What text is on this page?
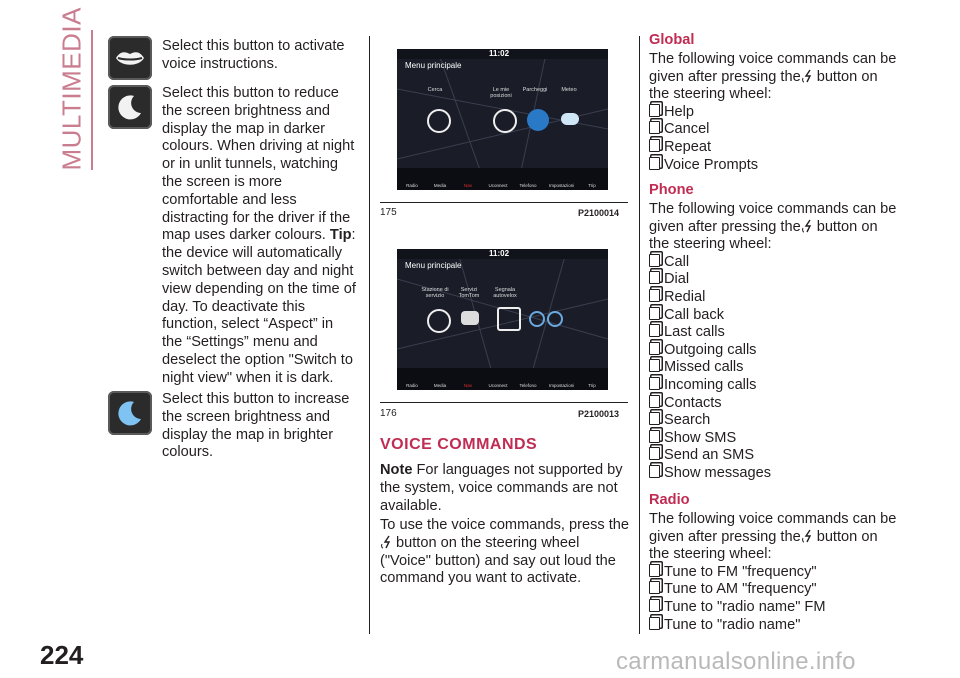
MULTIMEDIA
224	carmanualsonline.info
Select this button to activate voice instructions.
Select this button to reduce the screen brightness and display the map in darker colours. When driving at night or in unlit tunnels, watching the screen is more comfortable and less distracting for the driver if the map uses darker colours. Tip: the device will automatically switch between day and night view depending on the time of day. To deactivate this function, select “Aspect” in the “Settings” menu and deselect the option "Switch to night view" when it is dark.
Select this button to increase the screen brightness and display the map in brighter colours.
11:02
Menu principale
Cerca	Le mie posizioni
Parcheggi	Meteo
Radio	Media	Nav	Uconnect	Telefono	Impostazioni	Trip
175	P2100014
11:02
Menu principale
Stazione di servizio
Servizi TomTom
Segnala autovelox
Radio	Media	Nav	Uconnect	Telefono	Impostazioni	Trip
176	P2100013
VOICE COMMANDS
Note For languages not supported by the system, voice commands are not available.
To use the voice commands, press the
button on the steering wheel ("Voice" button) and say out loud the command you want to activate.
Global
The following voice commands can be
given after pressing the button on
the steering wheel:
Help
Cancel
Repeat
Voice Prompts
Phone
The following voice commands can be
given after pressing the button on
the steering wheel:
Call
Dial
Redial
Call back
Last calls
Outgoing calls
Missed calls
Incoming calls
Contacts
Search
Show SMS
Send an SMS
Show messages
Radio
The following voice commands can be
given after pressing the button on
the steering wheel:
Tune to FM "frequency"
Tune to AM "frequency"
Tune to "radio name" FM
Tune to "radio name"
